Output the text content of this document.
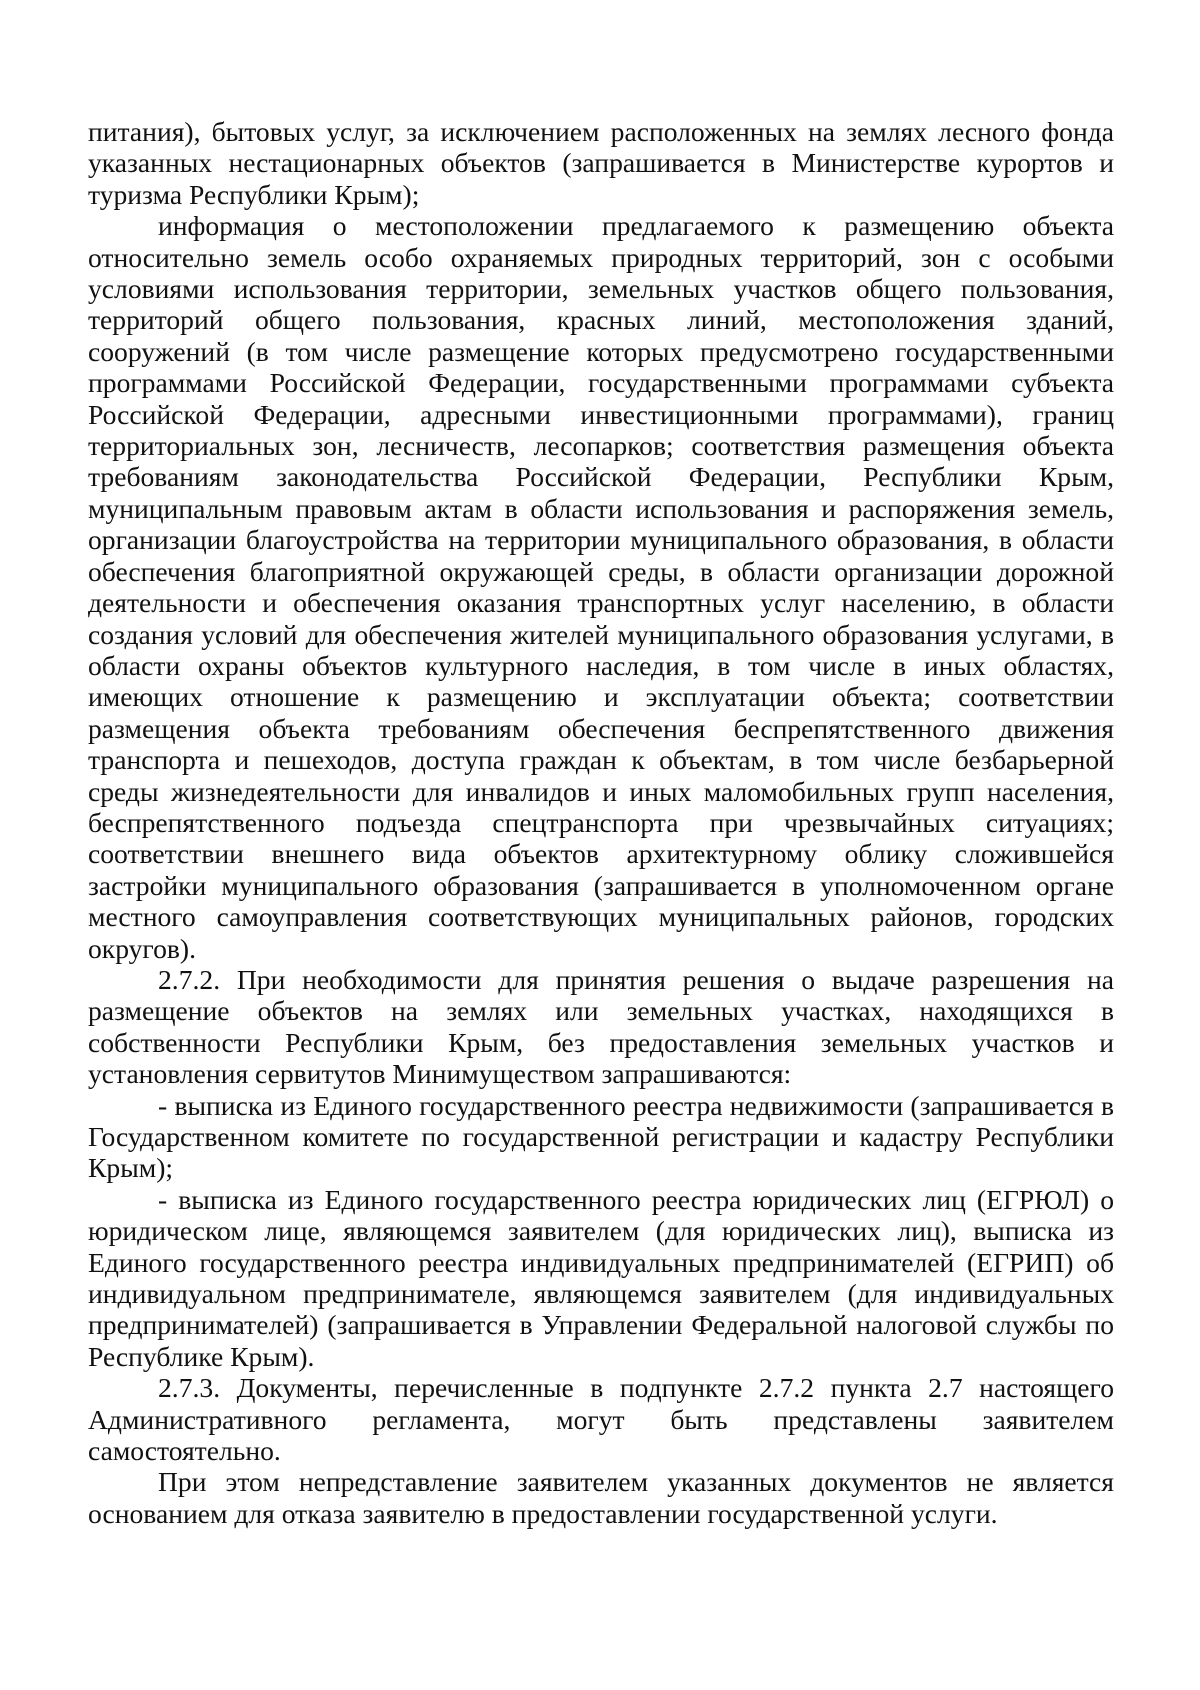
питания), бытовых услуг, за исключением расположенных на землях лесного фонда указанных нестационарных объектов (запрашивается в Министерстве курортов и туризма Республики Крым);

информация о местоположении предлагаемого к размещению объекта относительно земель особо охраняемых природных территорий, зон с особыми условиями использования территории, земельных участков общего пользования, территорий общего пользования, красных линий, местоположения зданий, сооружений (в том числе размещение которых предусмотрено государственными программами Российской Федерации, государственными программами субъекта Российской Федерации, адресными инвестиционными программами), границ территориальных зон, лесничеств, лесопарков; соответствия размещения объекта требованиям законодательства Российской Федерации, Республики Крым, муниципальным правовым актам в области использования и распоряжения земель, организации благоустройства на территории муниципального образования, в области обеспечения благоприятной окружающей среды, в области организации дорожной деятельности и обеспечения оказания транспортных услуг населению, в области создания условий для обеспечения жителей муниципального образования услугами, в области охраны объектов культурного наследия, в том числе в иных областях, имеющих отношение к размещению и эксплуатации объекта; соответствии размещения объекта требованиям обеспечения беспрепятственного движения транспорта и пешеходов, доступа граждан к объектам, в том числе безбарьерной среды жизнедеятельности для инвалидов и иных маломобильных групп населения, беспрепятственного подъезда спецтранспорта при чрезвычайных ситуациях; соответствии внешнего вида объектов архитектурному облику сложившейся застройки муниципального образования (запрашивается в уполномоченном органе местного самоуправления соответствующих муниципальных районов, городских округов).

2.7.2. При необходимости для принятия решения о выдаче разрешения на размещение объектов на землях или земельных участках, находящихся в собственности Республики Крым, без предоставления земельных участков и установления сервитутов Минимуществом запрашиваются:

- выписка из Единого государственного реестра недвижимости (запрашивается в Государственном комитете по государственной регистрации и кадастру Республики Крым);

- выписка из Единого государственного реестра юридических лиц (ЕГРЮЛ) о юридическом лице, являющемся заявителем (для юридических лиц), выписка из Единого государственного реестра индивидуальных предпринимателей (ЕГРИП) об индивидуальном предпринимателе, являющемся заявителем (для индивидуальных предпринимателей) (запрашивается в Управлении Федеральной налоговой службы по Республике Крым).

2.7.3. Документы, перечисленные в подпункте 2.7.2 пункта 2.7 настоящего Административного регламента, могут быть представлены заявителем самостоятельно.

При этом непредставление заявителем указанных документов не является основанием для отказа заявителю в предоставлении государственной услуги.
